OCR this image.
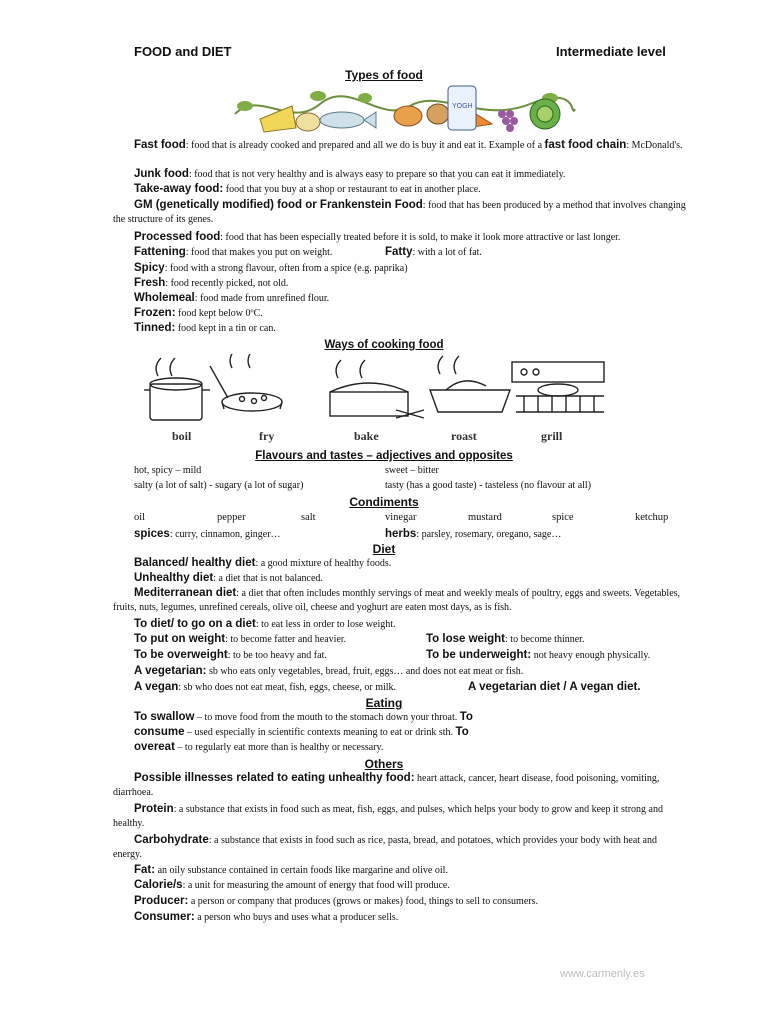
FOOD and DIET	Intermediate level
Types of food
YOGH
Fast food: food that is already cooked and prepared and all we do is buy it and eat it. Example of a fast food chain: McDonald's.
Junk food: food that is not very healthy and is always easy to prepare so that you can eat it immediately.
Take-away food: food that you buy at a shop or restaurant to eat in another place.
GM (genetically modified) food or Frankenstein Food: food that has been produced by a method that involves changing the structure of its genes.
Processed food: food that has been especially treated before it is sold, to make it look more attractive or last longer.
Fattening: food that makes you put on weight.	Fatty: with a lot of fat.
Spicy: food with a strong flavour, often from a spice (e.g. paprika)
Fresh: food recently picked, not old.
Wholemeal: food made from unrefined flour.
Frozen: food kept below 0ºC.
Tinned: food kept in a tin or can.
Ways of cooking food
boil	fry	bake	roast	grill
Flavours and tastes – adjectives and opposites
hot, spicy – mild	sweet – bitter
salty (a lot of salt) - sugary (a lot of sugar)	tasty (has a good taste) - tasteless (no flavour at all)
Condiments
oil	pepper	salt	vinegar	mustard	spice	ketchup
spices: curry, cinnamon, ginger…	herbs: parsley, rosemary, oregano, sage…
Diet
Balanced/ healthy diet: a good mixture of healthy foods.
Unhealthy diet: a diet that is not balanced.
Mediterranean diet: a diet that often includes monthly servings of meat and weekly meals of poultry, eggs and sweets. Vegetables, fruits, nuts, legumes, unrefined cereals, olive oil, cheese and yoghurt are eaten most days, as is fish.
To diet/ to go on a diet: to eat less in order to lose weight.
To put on weight: to become fatter and heavier.	To lose weight: to become thinner.
To be overweight: to be too heavy and fat.	To be underweight: not heavy enough physically.
A vegetarian: sb who eats only vegetables, bread, fruit, eggs… and does not eat meat or fish.
A vegan: sb who does not eat meat, fish, eggs, cheese, or milk.	A vegetarian diet / A vegan diet.
Eating
To swallow – to move food from the mouth to the stomach down your throat. To
consume – used especially in scientific contexts meaning to eat or drink sth. To
overeat – to regularly eat more than is healthy or necessary.
Others
Possible illnesses related to eating unhealthy food: heart attack, cancer, heart disease, food poisoning, vomiting, diarrhoea.
Protein: a substance that exists in food such as meat, fish, eggs, and pulses, which helps your body to grow and keep it strong and healthy.
Carbohydrate: a substance that exists in food such as rice, pasta, bread, and potatoes, which provides your body with heat and energy.
Fat: an oily substance contained in certain foods like margarine and olive oil.
Calorie/s: a unit for measuring the amount of energy that food will produce.
Producer: a person or company that produces (grows or makes) food, things to sell to consumers.
Consumer: a person who buys and uses what a producer sells.
www.carmenly.es
